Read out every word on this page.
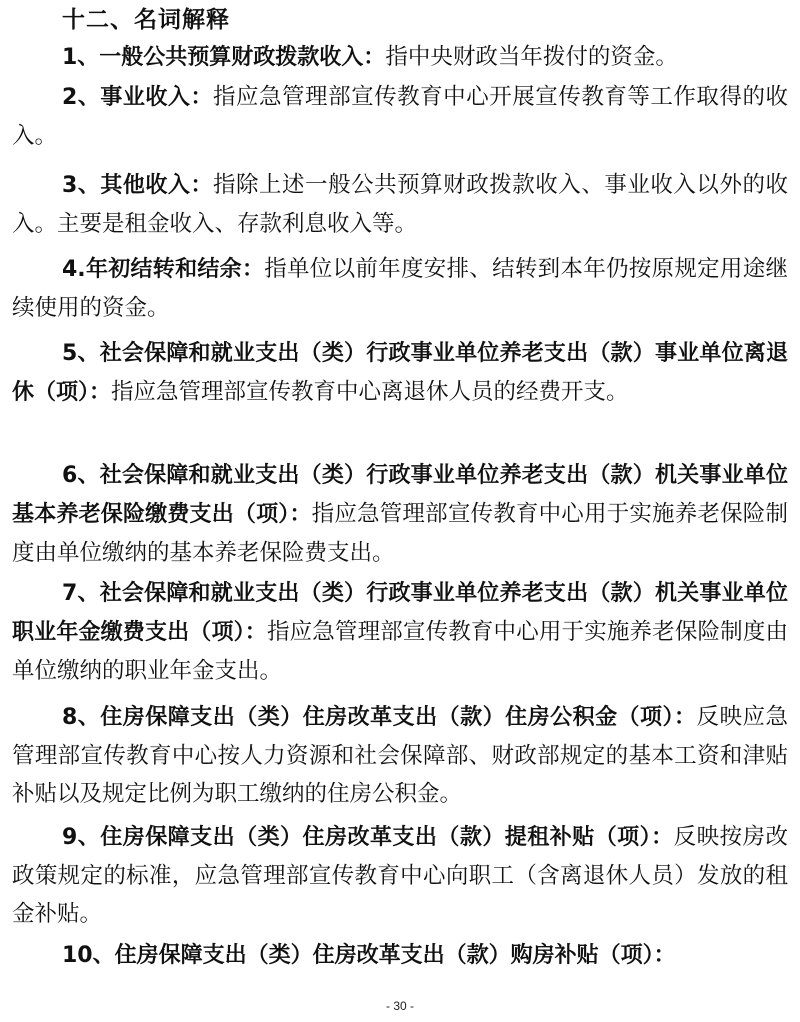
十二、名词解释

1、一般公共预算财政拨款收入：指中央财政当年拨付的资金。

2、事业收入：指应急管理部宣传教育中心开展宣传教育等工作取得的收入。

3、其他收入：指除上述一般公共预算财政拨款收入、事业收入以外的收入。主要是租金收入、存款利息收入等。

4.年初结转和结余：指单位以前年度安排、结转到本年仍按原规定用途继续使用的资金。

5、社会保障和就业支出（类）行政事业单位养老支出（款）事业单位离退休（项）：指应急管理部宣传教育中心离退休人员的经费开支。

6、社会保障和就业支出（类）行政事业单位养老支出（款）机关事业单位基本养老保险缴费支出（项）：指应急管理部宣传教育中心用于实施养老保险制度由单位缴纳的基本养老保险费支出。

7、社会保障和就业支出（类）行政事业单位养老支出（款）机关事业单位职业年金缴费支出（项）：指应急管理部宣传教育中心用于实施养老保险制度由单位缴纳的职业年金支出。

8、住房保障支出（类）住房改革支出（款）住房公积金（项）：反映应急管理部宣传教育中心按人力资源和社会保障部、财政部规定的基本工资和津贴补贴以及规定比例为职工缴纳的住房公积金。

9、住房保障支出（类）住房改革支出（款）提租补贴（项）：反映按房改政策规定的标准，应急管理部宣传教育中心向职工（含离退休人员）发放的租金补贴。

10、住房保障支出（类）住房改革支出（款）购房补贴（项）：

- 30 -
